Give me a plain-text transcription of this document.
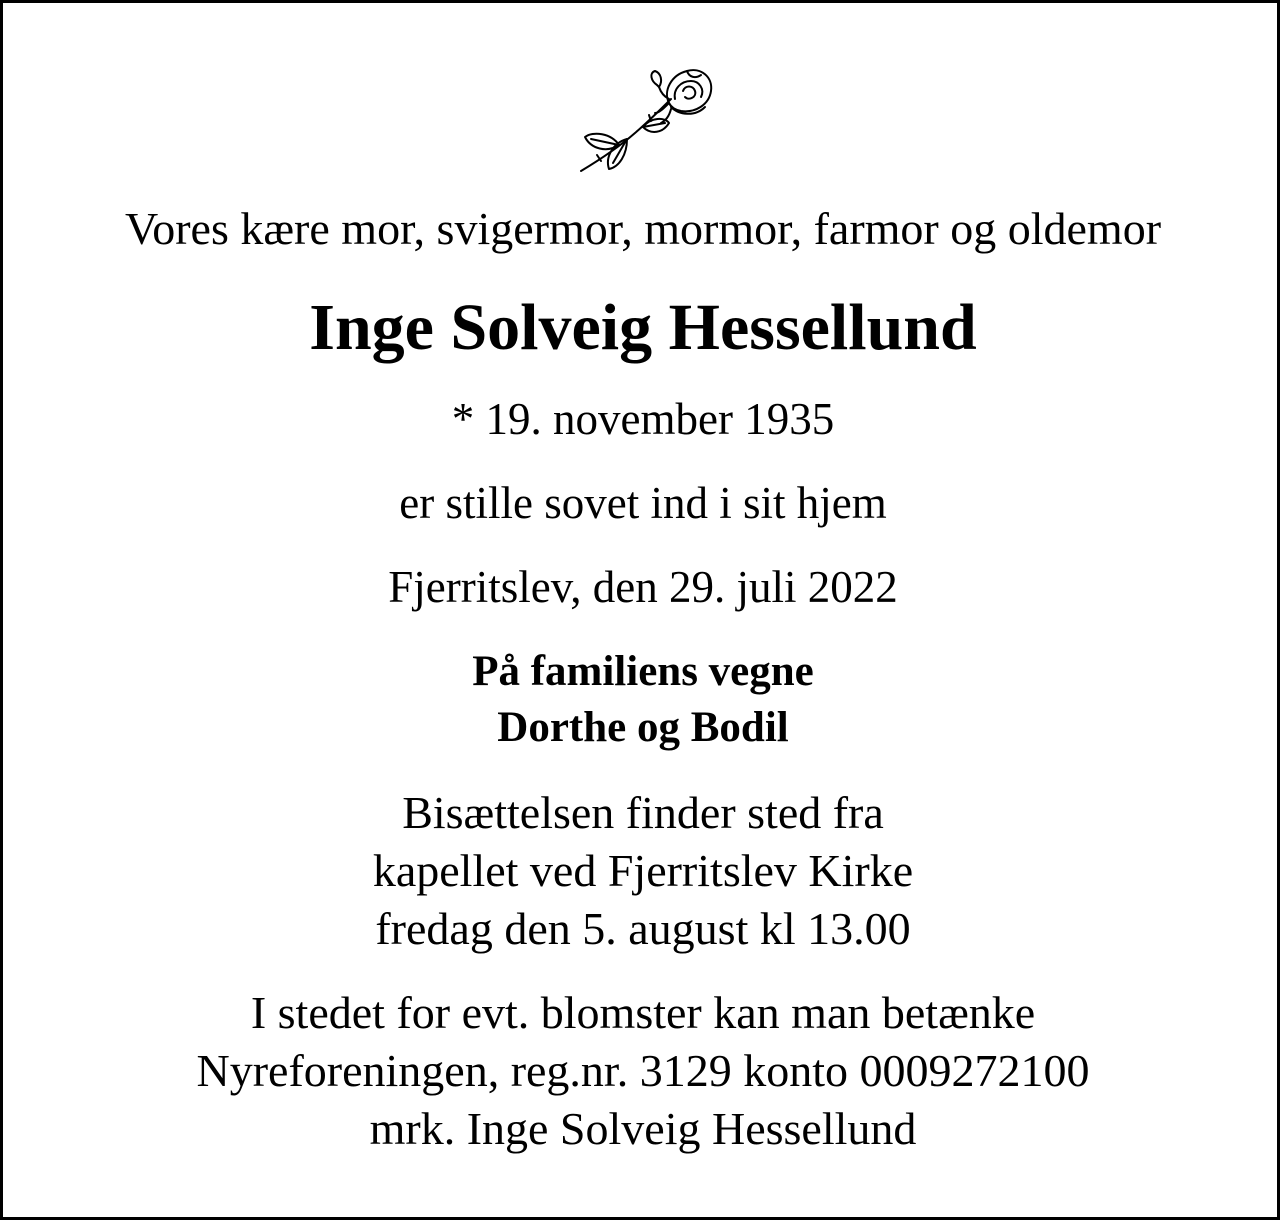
Vores kære mor, svigermor, mormor, farmor og oldemor

Inge Solveig Hessellund

* 19. november 1935

er stille sovet ind i sit hjem

Fjerritslev, den 29. juli 2022

På familiens vegne

Dorthe og Bodil

Bisættelsen finder sted fra

kapellet ved Fjerritslev Kirke

fredag den 5. august kl 13.00

I stedet for evt. blomster kan man betænke

Nyreforeningen, reg.nr. 3129 konto 0009272100

mrk. Inge Solveig Hessellund
